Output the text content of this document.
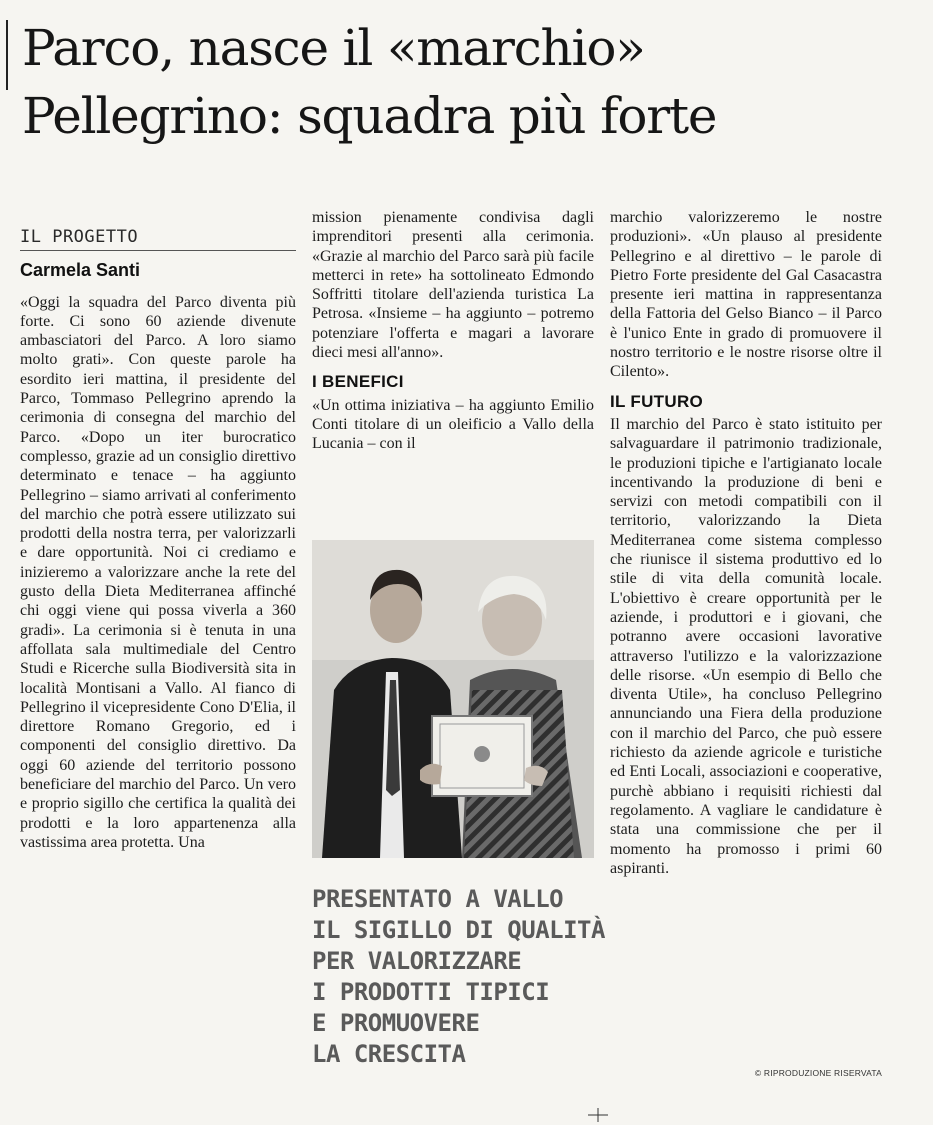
Parco, nasce il «marchio»
Pellegrino: squadra più forte
IL PROGETTO
Carmela Santi

«Oggi la squadra del Parco diventa più forte. Ci sono 60 aziende divenute ambasciatori del Parco. A loro siamo molto grati». Con queste parole ha esordito ieri mattina, il presidente del Parco, Tommaso Pellegrino aprendo la cerimonia di consegna del marchio del Parco. «Dopo un iter burocratico complesso, grazie ad un consiglio direttivo determinato e tenace – ha aggiunto Pellegrino – siamo arrivati al conferimento del marchio che potrà essere utilizzato sui prodotti della nostra terra, per valorizzarli e dare opportunità. Noi ci crediamo e inizieremo a valorizzare anche la rete del gusto della Dieta Mediterranea affinché chi oggi viene qui possa viverla a 360 gradi». La cerimonia si è tenuta in una affollata sala multimediale del Centro Studi e Ricerche sulla Biodiversità sita in località Montisani a Vallo. Al fianco di Pellegrino il vicepresidente Cono D'Elia, il direttore Romano Gregorio, ed i componenti del consiglio direttivo. Da oggi 60 aziende del territorio possono beneficiare del marchio del Parco. Un vero e proprio sigillo che certifica la qualità dei prodotti e la loro appartenenza alla vastissima area protetta. Una

mission pienamente condivisa dagli imprenditori presenti alla cerimonia. «Grazie al marchio del Parco sarà più facile metterci in rete» ha sottolineato Edmondo Soffritti titolare dell'azienda turistica La Petrosa. «Insieme – ha aggiunto – potremo potenziare l'offerta e magari a lavorare dieci mesi all'anno».

I BENEFICI

«Un ottima iniziativa – ha aggiunto Emilio Conti titolare di un oleificio a Vallo della Lucania – con il

PRESENTATO A VALLO
IL SIGILLO DI QUALITÀ
PER VALORIZZARE
I PRODOTTI TIPICI
E PROMUOVERE
LA CRESCITA

marchio valorizzeremo le nostre produzioni». «Un plauso al presidente Pellegrino e al direttivo – le parole di Pietro Forte presidente del Gal Casacastra presente ieri mattina in rappresentanza della Fattoria del Gelso Bianco – il Parco è l'unico Ente in grado di promuovere il nostro territorio e le nostre risorse oltre il Cilento».

IL FUTURO

Il marchio del Parco è stato istituito per salvaguardare il patrimonio tradizionale, le produzioni tipiche e l'artigianato locale incentivando la produzione di beni e servizi con metodi compatibili con il territorio, valorizzando la Dieta Mediterranea come sistema complesso che riunisce il sistema produttivo ed lo stile di vita della comunità locale. L'obiettivo è creare opportunità per le aziende, i produttori e i giovani, che potranno avere occasioni lavorative attraverso l'utilizzo e la valorizzazione delle risorse. «Un esempio di Bello che diventa Utile», ha concluso Pellegrino annunciando una Fiera della produzione con il marchio del Parco, che può essere richiesto da aziende agricole e turistiche ed Enti Locali, associazioni e cooperative, purchè abbiano i requisiti richiesti dal regolamento. A vagliare le candidature è stata una commissione che per il momento ha promosso i primi 60 aspiranti.

© RIPRODUZIONE RISERVATA
